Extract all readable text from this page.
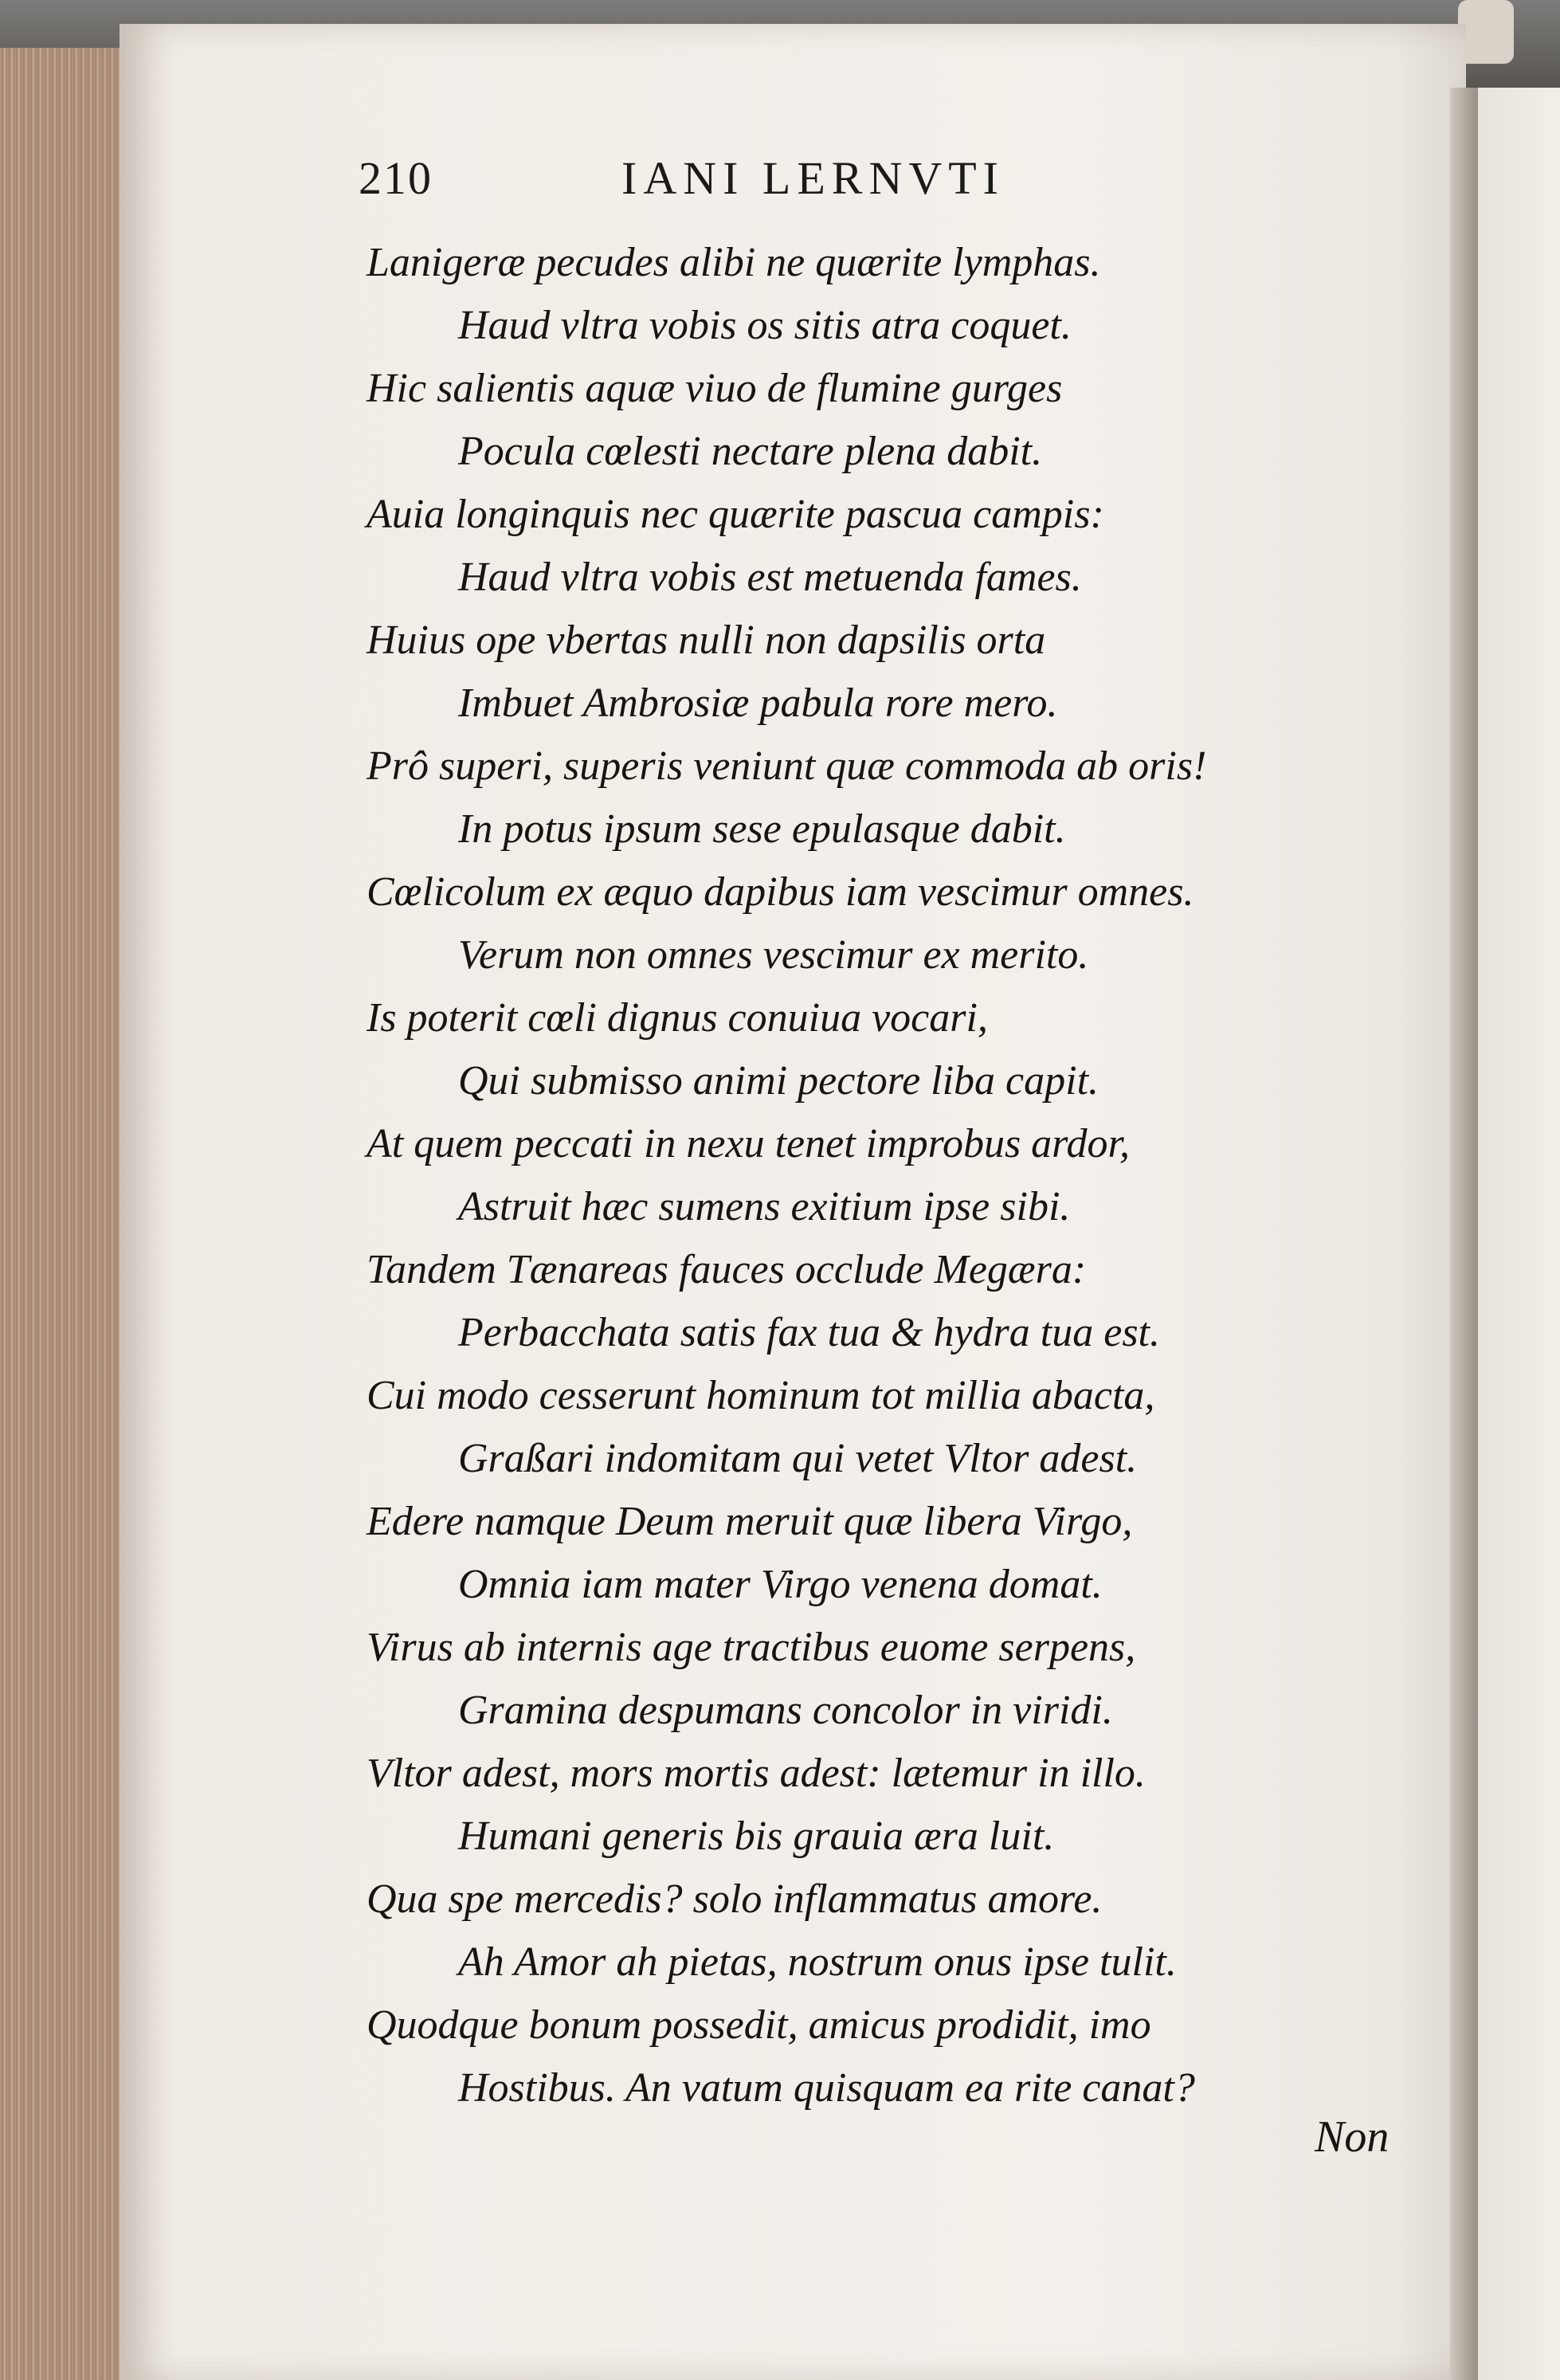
210	IANI LERNVTI
Lanigeræ pecudes alibi ne quærite lymphas.
Haud vltra vobis os sitis atra coquet.
Hic salientis aquæ viuo de flumine gurges
Pocula cœlesti nectare plena dabit.
Auia longinquis nec quærite pascua campis:
Haud vltra vobis est metuenda fames.
Huius ope vbertas nulli non dapsilis orta
Imbuet Ambrosiæ pabula rore mero.
Prô superi, superis veniunt quæ commoda ab oris!
In potus ipsum sese epulasque dabit.
Cœlicolum ex æquo dapibus iam vescimur omnes.
Verum non omnes vescimur ex merito.
Is poterit cœli dignus conuiua vocari,
Qui submisso animi pectore liba capit.
At quem peccati in nexu tenet improbus ardor,
Astruit hæc sumens exitium ipse sibi.
Tandem Tænareas fauces occlude Megæra:
Perbacchata satis fax tua & hydra tua est.
Cui modo cesserunt hominum tot millia abacta,
Graßari indomitam qui vetet Vltor adest.
Edere namque Deum meruit quæ libera Virgo,
Omnia iam mater Virgo venena domat.
Virus ab internis age tractibus euome serpens,
Gramina despumans concolor in viridi.
Vltor adest, mors mortis adest: lætemur in illo.
Humani generis bis grauia æra luit.
Qua spe mercedis? solo inflammatus amore.
Ah Amor ah pietas, nostrum onus ipse tulit.
Quodque bonum possedit, amicus prodidit, imo
Hostibus. An vatum quisquam ea rite canat?
Non
